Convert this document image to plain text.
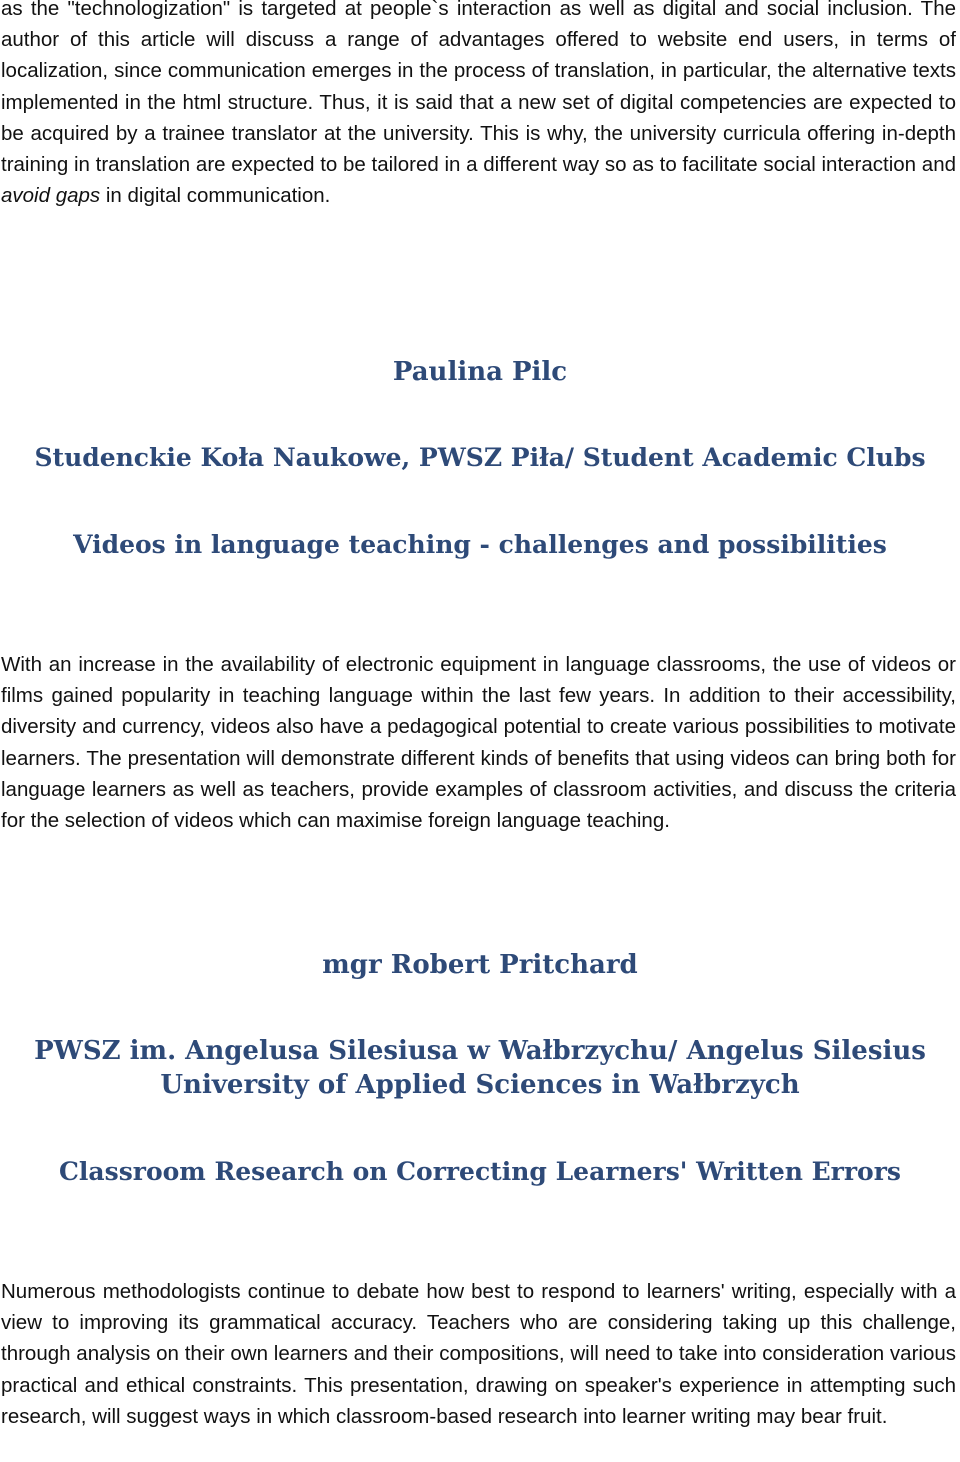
as the "technologization" is targeted at people`s interaction as well as digital and social inclusion. The author of this article will discuss a range of advantages offered to website end users, in terms of localization, since communication emerges in the process of translation, in particular, the alternative texts implemented in the html structure. Thus, it is said that a new set of digital competencies are expected to be acquired by a trainee translator at the university. This is why, the university curricula offering in-depth training in translation are expected to be tailored in a different way so as to facilitate social interaction and avoid gaps in digital communication.

Paulina Pilc
Studenckie Koła Naukowe, PWSZ Piła/ Student Academic Clubs
Videos in language teaching - challenges and possibilities

With an increase in the availability of electronic equipment in language classrooms, the use of videos or films gained popularity in teaching language within the last few years. In addition to their accessibility, diversity and currency, videos also have a pedagogical potential to create various possibilities to motivate learners. The presentation will demonstrate different kinds of benefits that using videos can bring both for language learners as well as teachers, provide examples of classroom activities, and discuss the criteria for the selection of videos which can maximise foreign language teaching.

mgr Robert Pritchard
PWSZ im. Angelusa Silesiusa w Wałbrzychu/ Angelus Silesius
University of Applied Sciences in Wałbrzych
Classroom Research on Correcting Learners' Written Errors

Numerous methodologists continue to debate how best to respond to learners' writing, especially with a view to improving its grammatical accuracy. Teachers who are considering taking up this challenge, through analysis on their own learners and their compositions, will need to take into consideration various practical and ethical constraints. This presentation, drawing on speaker's experience in attempting such research, will suggest ways in which classroom-based research into learner writing may bear fruit.
